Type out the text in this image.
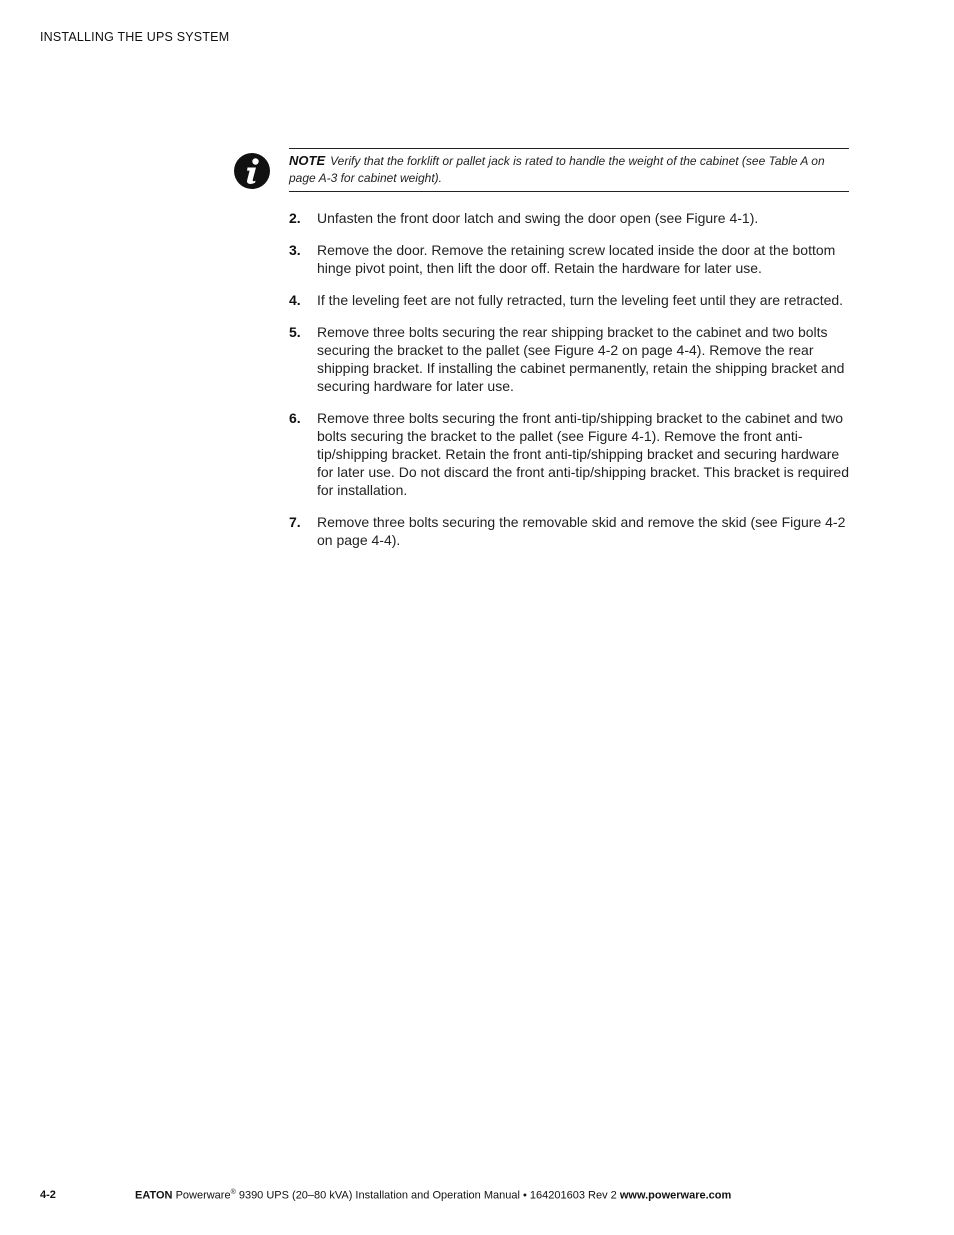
INSTALLING THE UPS SYSTEM
NOTE Verify that the forklift or pallet jack is rated to handle the weight of the cabinet (see Table A on page A-3 for cabinet weight).
2. Unfasten the front door latch and swing the door open (see Figure 4-1).
3. Remove the door. Remove the retaining screw located inside the door at the bottom hinge pivot point, then lift the door off. Retain the hardware for later use.
4. If the leveling feet are not fully retracted, turn the leveling feet until they are retracted.
5. Remove three bolts securing the rear shipping bracket to the cabinet and two bolts securing the bracket to the pallet (see Figure 4-2 on page 4-4). Remove the rear shipping bracket. If installing the cabinet permanently, retain the shipping bracket and securing hardware for later use.
6. Remove three bolts securing the front anti-tip/shipping bracket to the cabinet and two bolts securing the bracket to the pallet (see Figure 4-1). Remove the front anti-tip/shipping bracket. Retain the front anti-tip/shipping bracket and securing hardware for later use. Do not discard the front anti-tip/shipping bracket. This bracket is required for installation.
7. Remove three bolts securing the removable skid and remove the skid (see Figure 4-2 on page 4-4).
4-2	EATON Powerware® 9390 UPS (20–80 kVA) Installation and Operation Manual • 164201603 Rev 2 www.powerware.com
